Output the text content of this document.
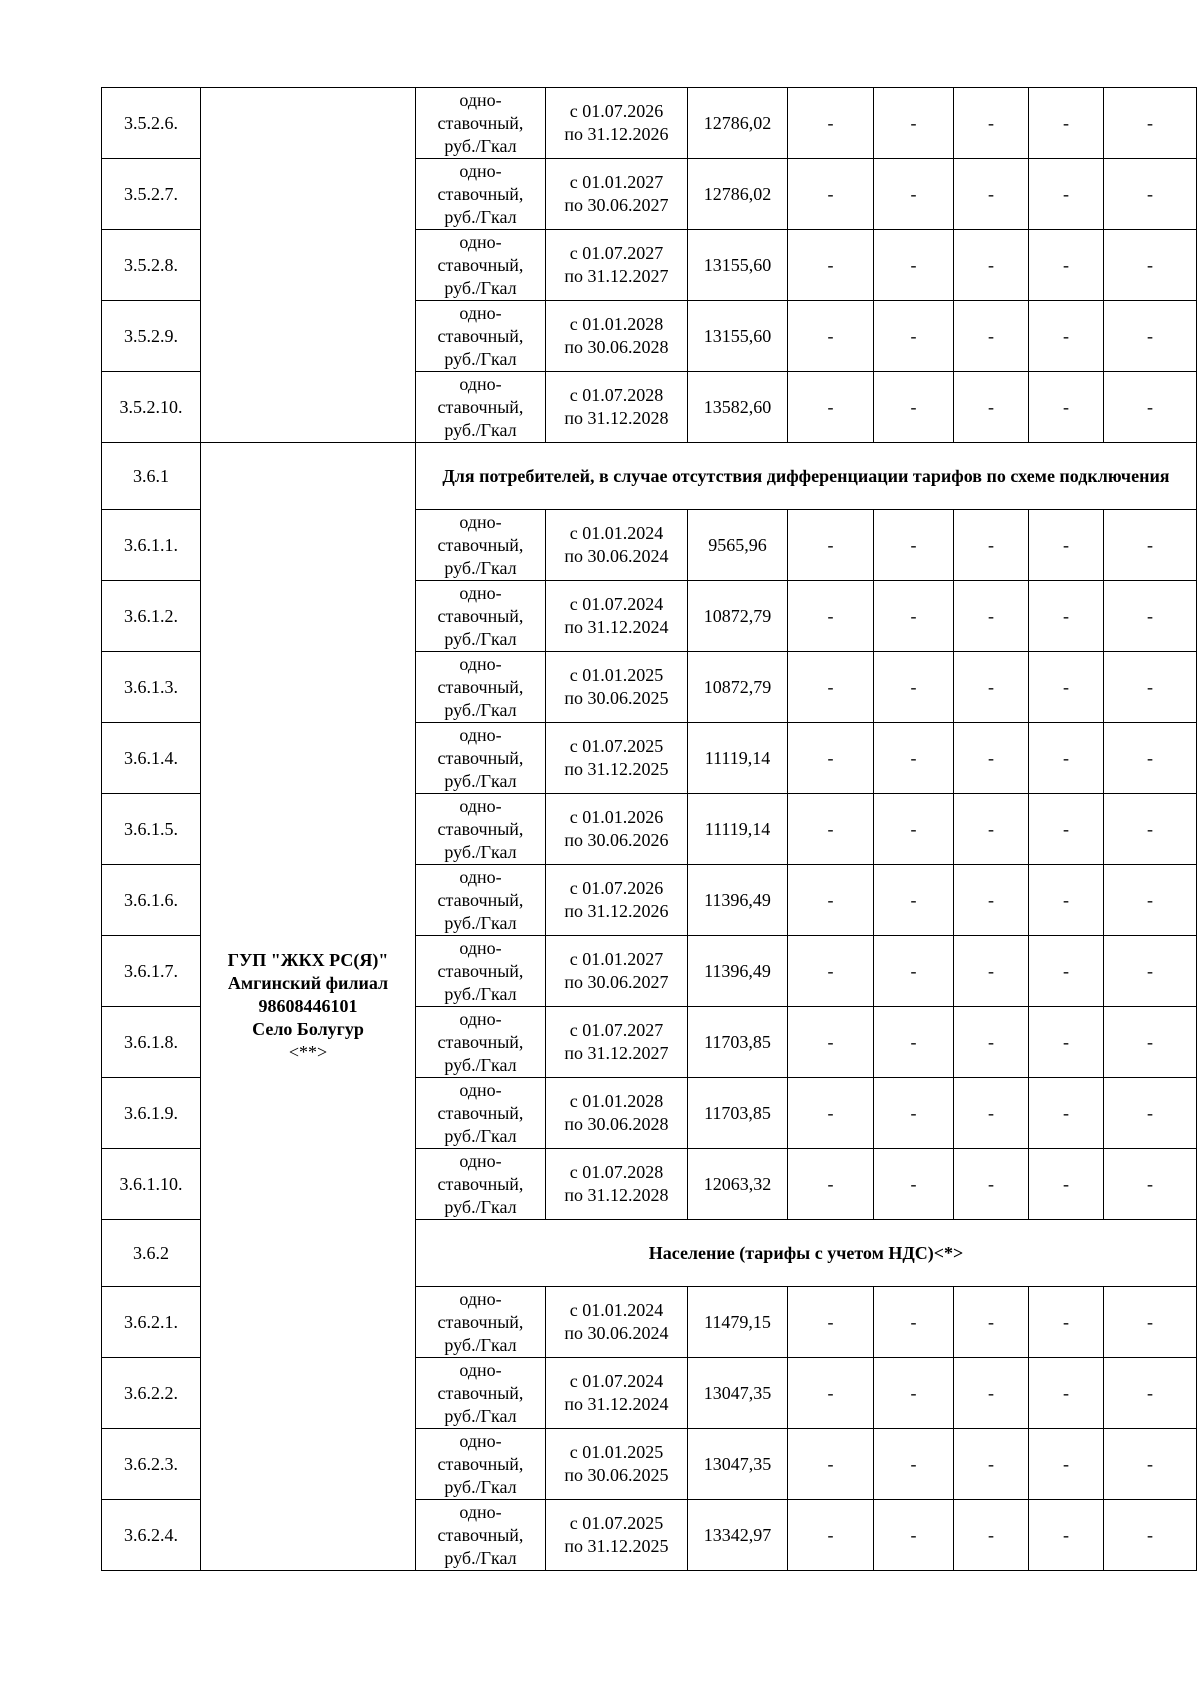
3.5.2.6.		одно-
ставочный,
руб./Гкал	с 01.07.2026
по 31.12.2026	12786,02	-	-	-	-	-
3.5.2.7.		одно-
ставочный,
руб./Гкал	с 01.01.2027
по 30.06.2027	12786,02	-	-	-	-	-
3.5.2.8.		одно-
ставочный,
руб./Гкал	с 01.07.2027
по 31.12.2027	13155,60	-	-	-	-	-
3.5.2.9.		одно-
ставочный,
руб./Гкал	с 01.01.2028
по 30.06.2028	13155,60	-	-	-	-	-
3.5.2.10.		одно-
ставочный,
руб./Гкал	с 01.07.2028
по 31.12.2028	13582,60	-	-	-	-	-
3.6.1	ГУП "ЖКХ РС(Я)"
Амгинский филиал
98608446101
Село Болугур
<**>	Для потребителей, в случае отсутствия дифференциации тарифов по схеме подключения							
3.6.1.1.		одно-
ставочный,
руб./Гкал	с 01.01.2024
по 30.06.2024	9565,96	-	-	-	-	-
3.6.1.2.		одно-
ставочный,
руб./Гкал	с 01.07.2024
по 31.12.2024	10872,79	-	-	-	-	-
3.6.1.3.		одно-
ставочный,
руб./Гкал	с 01.01.2025
по 30.06.2025	10872,79	-	-	-	-	-
3.6.1.4.		одно-
ставочный,
руб./Гкал	с 01.07.2025
по 31.12.2025	11119,14	-	-	-	-	-
3.6.1.5.		одно-
ставочный,
руб./Гкал	с 01.01.2026
по 30.06.2026	11119,14	-	-	-	-	-
3.6.1.6.		одно-
ставочный,
руб./Гкал	с 01.07.2026
по 31.12.2026	11396,49	-	-	-	-	-
3.6.1.7.		одно-
ставочный,
руб./Гкал	с 01.01.2027
по 30.06.2027	11396,49	-	-	-	-	-
3.6.1.8.		одно-
ставочный,
руб./Гкал	с 01.07.2027
по 31.12.2027	11703,85	-	-	-	-	-
3.6.1.9.		одно-
ставочный,
руб./Гкал	с 01.01.2028
по 30.06.2028	11703,85	-	-	-	-	-
3.6.1.10.		одно-
ставочный,
руб./Гкал	с 01.07.2028
по 31.12.2028	12063,32	-	-	-	-	-
3.6.2		Население (тарифы с учетом НДС)<*>							
3.6.2.1.		одно-
ставочный,
руб./Гкал	с 01.01.2024
по 30.06.2024	11479,15	-	-	-	-	-
3.6.2.2.		одно-
ставочный,
руб./Гкал	с 01.07.2024
по 31.12.2024	13047,35	-	-	-	-	-
3.6.2.3.		одно-
ставочный,
руб./Гкал	с 01.01.2025
по 30.06.2025	13047,35	-	-	-	-	-
3.6.2.4.		одно-
ставочный,
руб./Гкал	с 01.07.2025
по 31.12.2025	13342,97	-	-	-	-	-
